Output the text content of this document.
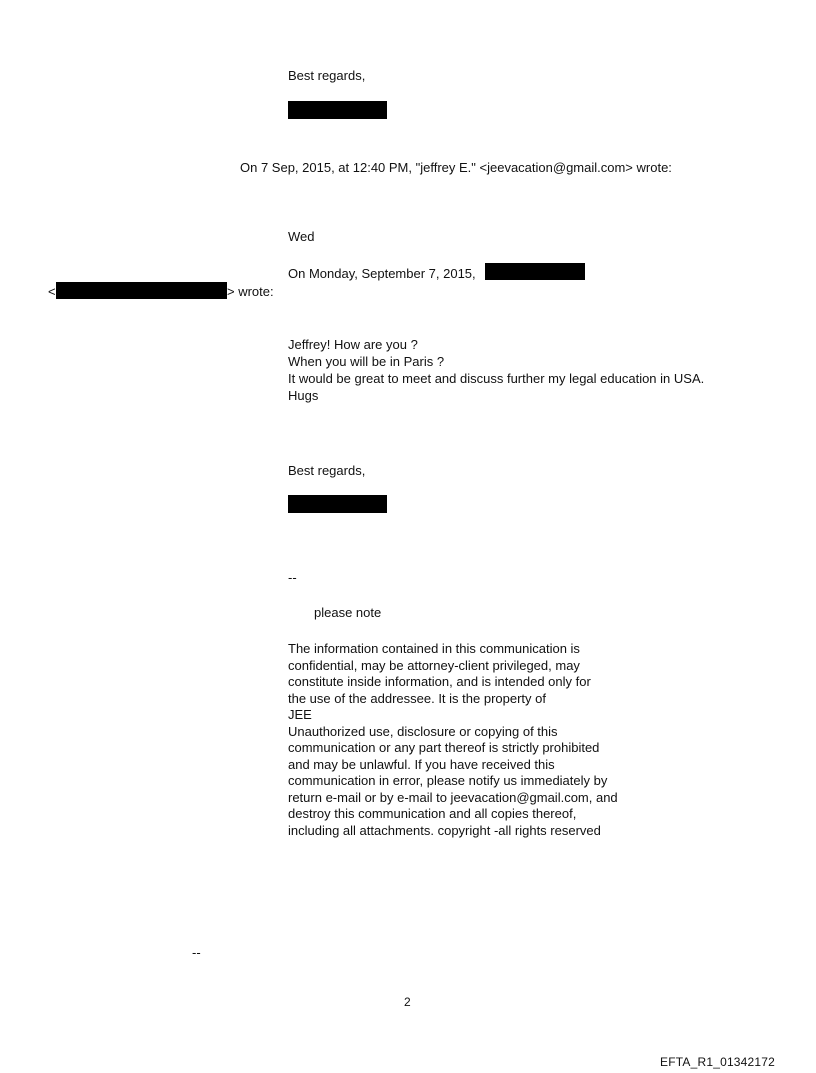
Best regards,
On 7 Sep, 2015, at 12:40 PM, "jeffrey E." <jeevacation@gmail.com> wrote:
Wed
On Monday, September 7, 2015,
<	> wrote:
Jeffrey! How are you ?
When you will be in Paris ?
It would be great to meet and discuss further my legal education in USA.
Hugs
Best regards,
--
please note
The information contained in this communication is
confidential, may be attorney-client privileged, may
constitute inside information, and is intended only for
the use of the addressee. It is the property of
JEE
Unauthorized use, disclosure or copying of this
communication or any part thereof is strictly prohibited
and may be unlawful. If you have received this
communication in error, please notify us immediately by
return e-mail or by e-mail to jeevacation@gmail.com, and
destroy this communication and all copies thereof,
including all attachments. copyright -all rights reserved
--
2
EFTA_R1_01342172
